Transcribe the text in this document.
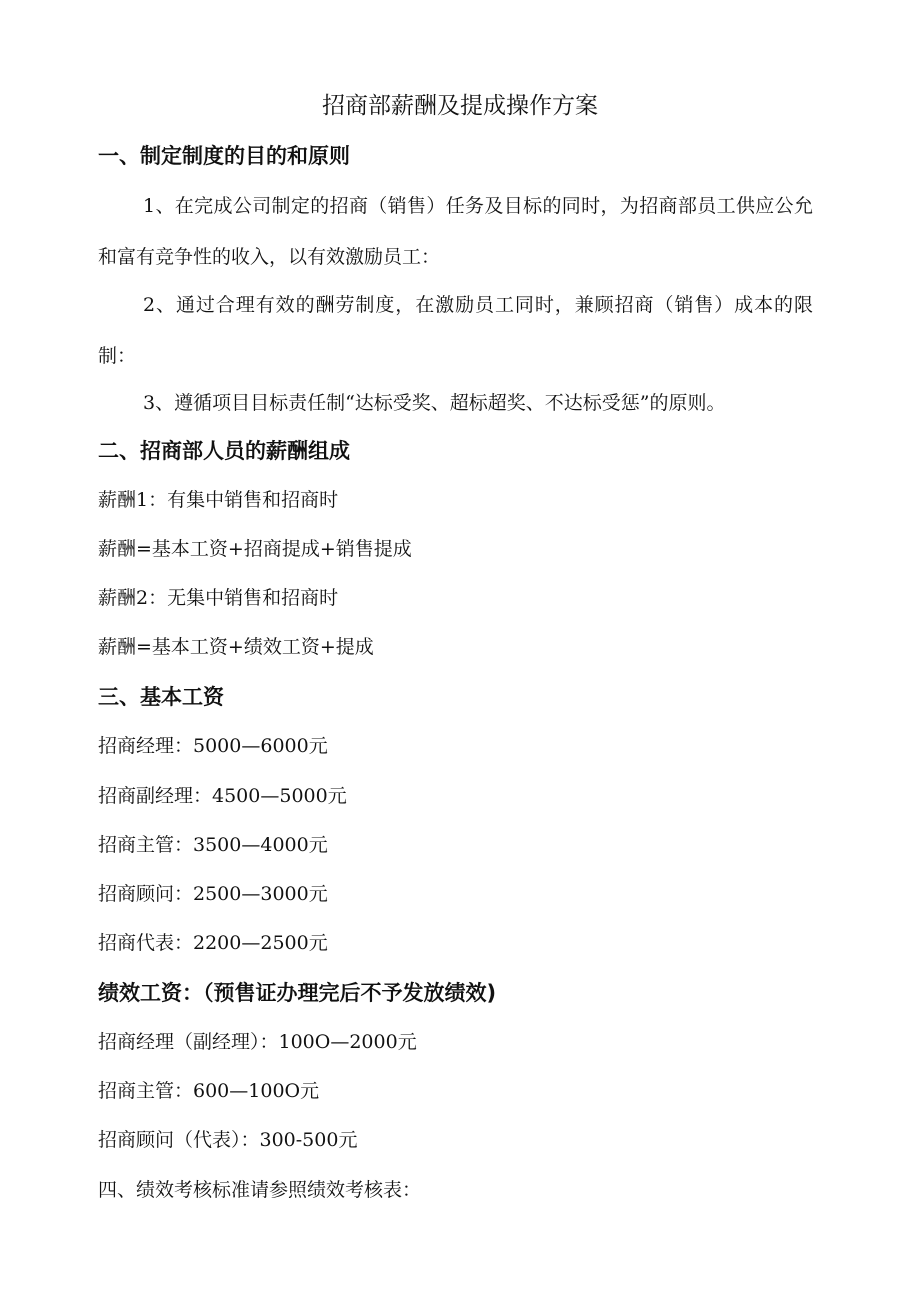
招商部薪酬及提成操作方案
一、制定制度的目的和原则
1、在完成公司制定的招商（销售）任务及目标的同时，为招商部员工供应公允和富有竞争性的收入，以有效激励员工：
2、通过合理有效的酬劳制度，在激励员工同时，兼顾招商（销售）成本的限制：
3、遵循项目目标责任制“达标受奖、超标超奖、不达标受惩”的原则。
二、招商部人员的薪酬组成
薪酬1：有集中销售和招商时
薪酬=基本工资+招商提成+销售提成
薪酬2：无集中销售和招商时
薪酬=基本工资+绩效工资+提成
三、基本工资
招商经理：5000—6000元
招商副经理：4500—5000元
招商主管：3500—4000元
招商顾问：2500—3000元
招商代表：2200—2500元
绩效工资：（预售证办理完后不予发放绩效)
招商经理（副经理）：100O—2000元
招商主管：600—100O元
招商顾问（代表）：300-500元
四、绩效考核标准请参照绩效考核表：
